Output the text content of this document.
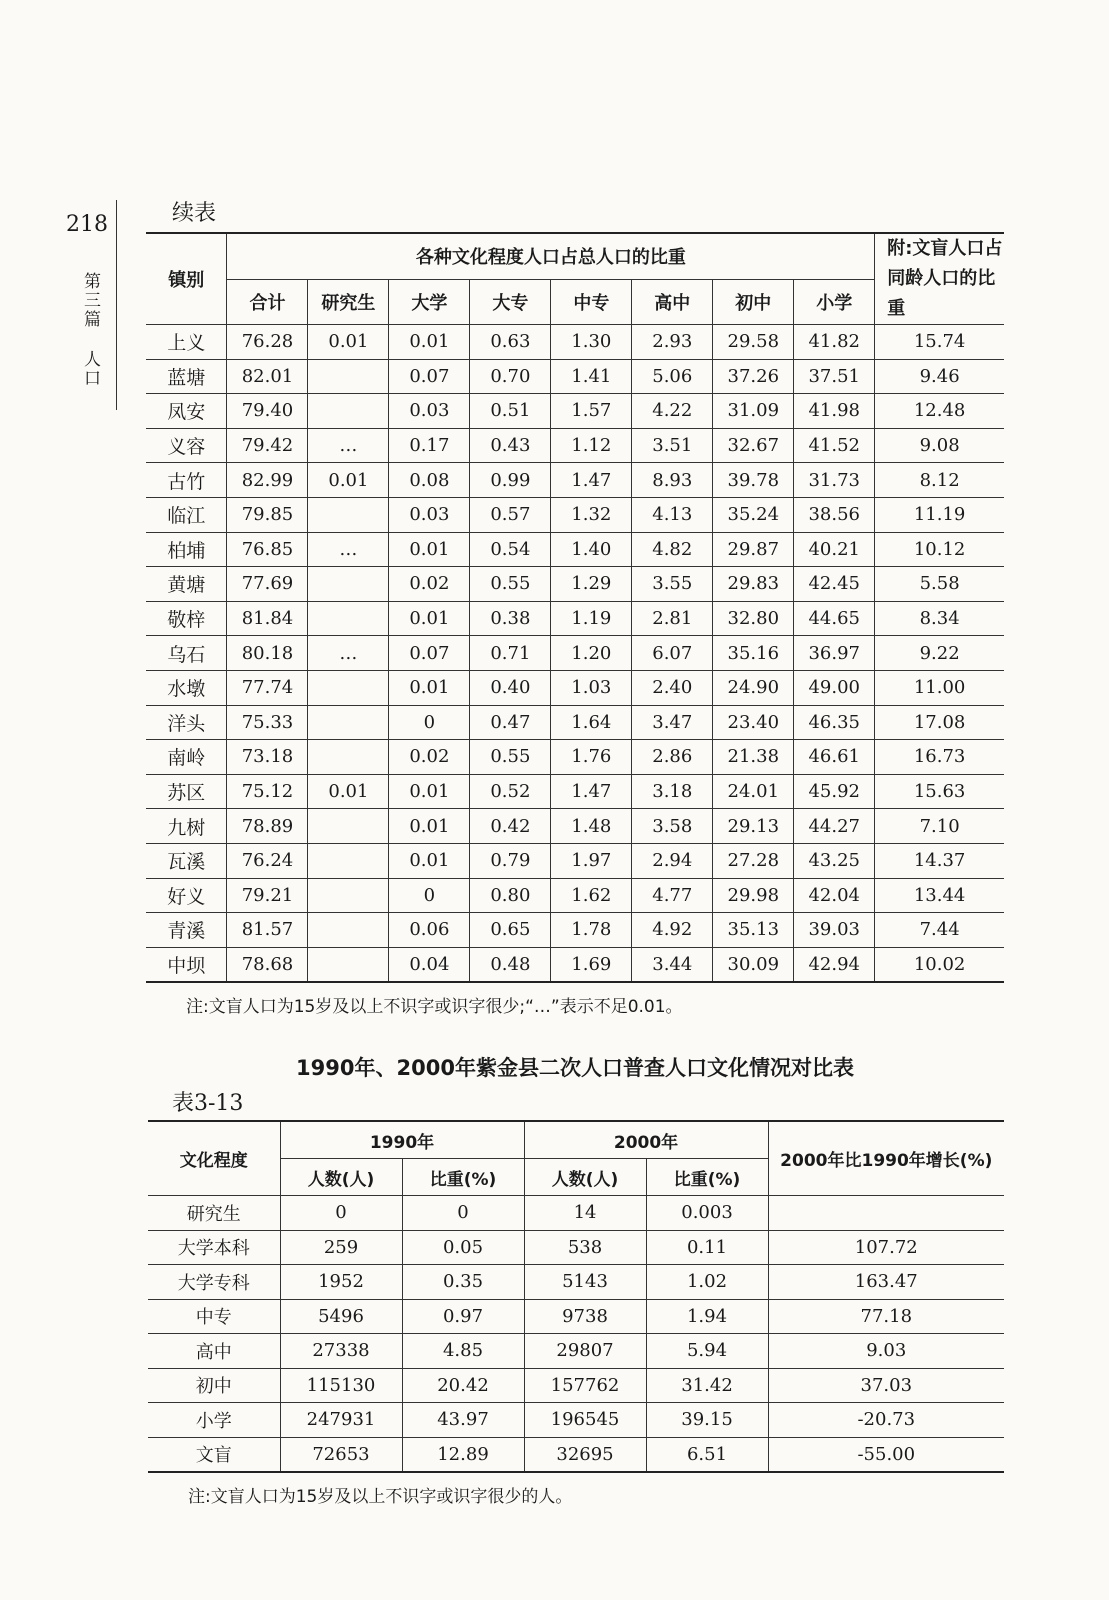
218
第三篇
人口
续表
镇别	各种文化程度人口占总人口的比重								附:文盲人口占同龄人口的比重
	合计	研究生	大学	大专	中专	高中	初中	小学	
上义	76.28	0.01	0.01	0.63	1.30	2.93	29.58	41.82	15.74
蓝塘	82.01		0.07	0.70	1.41	5.06	37.26	37.51	9.46
凤安	79.40		0.03	0.51	1.57	4.22	31.09	41.98	12.48
义容	79.42	…	0.17	0.43	1.12	3.51	32.67	41.52	9.08
古竹	82.99	0.01	0.08	0.99	1.47	8.93	39.78	31.73	8.12
临江	79.85		0.03	0.57	1.32	4.13	35.24	38.56	11.19
柏埔	76.85	…	0.01	0.54	1.40	4.82	29.87	40.21	10.12
黄塘	77.69		0.02	0.55	1.29	3.55	29.83	42.45	5.58
敬梓	81.84		0.01	0.38	1.19	2.81	32.80	44.65	8.34
乌石	80.18	…	0.07	0.71	1.20	6.07	35.16	36.97	9.22
水墩	77.74		0.01	0.40	1.03	2.40	24.90	49.00	11.00
洋头	75.33		0	0.47	1.64	3.47	23.40	46.35	17.08
南岭	73.18		0.02	0.55	1.76	2.86	21.38	46.61	16.73
苏区	75.12	0.01	0.01	0.52	1.47	3.18	24.01	45.92	15.63
九树	78.89		0.01	0.42	1.48	3.58	29.13	44.27	7.10
瓦溪	76.24		0.01	0.79	1.97	2.94	27.28	43.25	14.37
好义	79.21		0	0.80	1.62	4.77	29.98	42.04	13.44
青溪	81.57		0.06	0.65	1.78	4.92	35.13	39.03	7.44
中坝	78.68		0.04	0.48	1.69	3.44	30.09	42.94	10.02
注:文盲人口为15岁及以上不识字或识字很少;“…”表示不足0.01。
1990年、2000年紫金县二次人口普查人口文化情况对比表
表3-13
文化程度	1990年		2000年		2000年比1990年增长(%)
	人数(人)	比重(%)	人数(人)	比重(%)	
研究生	0	0	14	0.003	
大学本科	259	0.05	538	0.11	107.72
大学专科	1952	0.35	5143	1.02	163.47
中专	5496	0.97	9738	1.94	77.18
高中	27338	4.85	29807	5.94	9.03
初中	115130	20.42	157762	31.42	37.03
小学	247931	43.97	196545	39.15	-20.73
文盲	72653	12.89	32695	6.51	-55.00
注:文盲人口为15岁及以上不识字或识字很少的人。
